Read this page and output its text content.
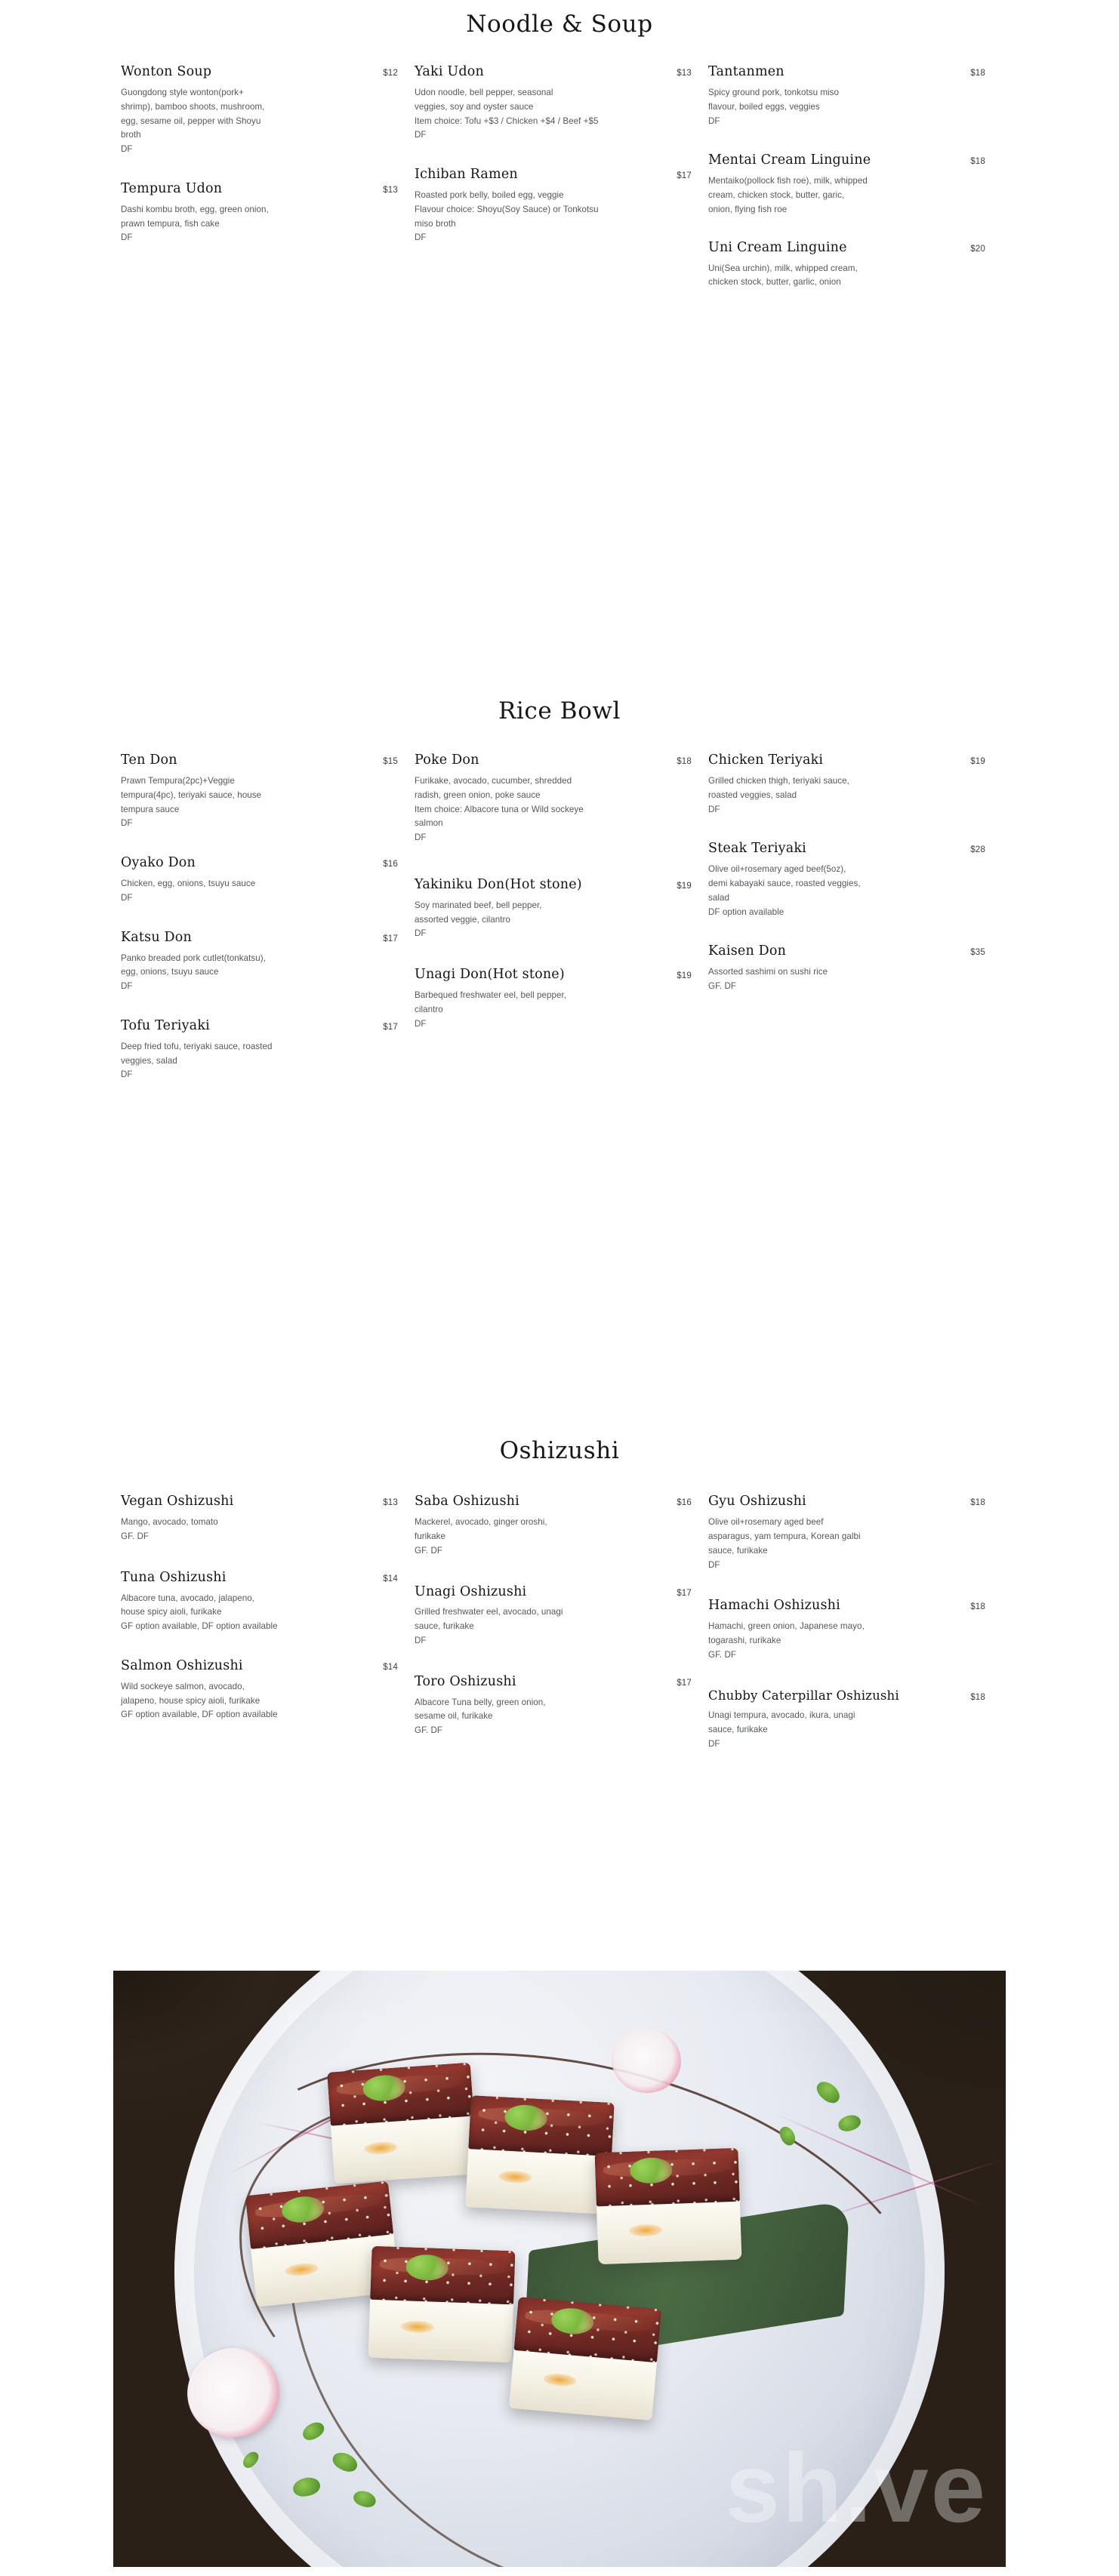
Noodle & Soup
Wonton Soup	$12
Guongdong style wonton(pork+
shrimp), bamboo shoots, mushroom,
egg, sesame oil, pepper with Shoyu
broth
DF
Tempura Udon	$13
Dashi kombu broth, egg, green onion,
prawn tempura, fish cake
DF
Yaki Udon	$13
Udon noodle, bell pepper, seasonal
veggies, soy and oyster sauce
Item choice: Tofu +$3 / Chicken +$4 / Beef +$5
DF
Ichiban Ramen	$17
Roasted pork belly, boiled egg, veggie
Flavour choice: Shoyu(Soy Sauce) or Tonkotsu
miso broth
DF
Tantanmen	$18
Spicy ground pork, tonkotsu miso
flavour, boiled eggs, veggies
DF
Mentai Cream Linguine	$18
Mentaiko(pollock fish roe), milk, whipped
cream, chicken stock, butter, garic,
onion, flying fish roe
Uni Cream Linguine	$20
Uni(Sea urchin), milk, whipped cream,
chicken stock, butter, garlic, onion
Rice Bowl
Ten Don	$15
Prawn Tempura(2pc)+Veggie
tempura(4pc), teriyaki sauce, house
tempura sauce
DF
Oyako Don	$16
Chicken, egg, onions, tsuyu sauce
DF
Katsu Don	$17
Panko breaded pork cutlet(tonkatsu),
egg, onions, tsuyu sauce
DF
Tofu Teriyaki	$17
Deep fried tofu, teriyaki sauce, roasted
veggies, salad
DF
Poke Don	$18
Furikake, avocado, cucumber, shredded
radish, green onion, poke sauce
Item choice: Albacore tuna or Wild sockeye
salmon
DF
Yakiniku Don(Hot stone)	$19
Soy marinated beef, bell pepper,
assorted veggie, cilantro
DF
Unagi Don(Hot stone)	$19
Barbequed freshwater eel, bell pepper,
cilantro
DF
Chicken Teriyaki	$19
Grilled chicken thigh, teriyaki sauce,
roasted veggies, salad
DF
Steak Teriyaki	$28
Olive oil+rosemary aged beef(5oz),
demi kabayaki sauce, roasted veggies,
salad
DF option available
Kaisen Don	$35
Assorted sashimi on sushi rice
GF. DF
Oshizushi
Vegan Oshizushi	$13
Mango, avocado, tomato
GF. DF
Tuna Oshizushi	$14
Albacore tuna, avocado, jalapeno,
house spicy aioli, furikake
GF option available, DF option available
Salmon Oshizushi	$14
Wild sockeye salmon, avocado,
jalapeno, house spicy aioli, furikake
GF option available, DF option available
Saba Oshizushi	$16
Mackerel, avocado, ginger oroshi,
furikake
GF. DF
Unagi Oshizushi	$17
Grilled freshwater eel, avocado, unagi
sauce, furikake
DF
Toro Oshizushi	$17
Albacore Tuna belly, green onion,
sesame oil, furikake
GF. DF
Gyu Oshizushi	$18
Olive oil+rosemary aged beef
asparagus, yam tempura, Korean galbi
sauce, furikake
DF
Hamachi Oshizushi	$18
Hamachi, green onion, Japanese mayo,
togarashi, rurikake
GF. DF
Chubby Caterpillar Oshizushi	$18
Unagi tempura, avocado, ikura, unagi
sauce, furikake
DF
sh.ve
